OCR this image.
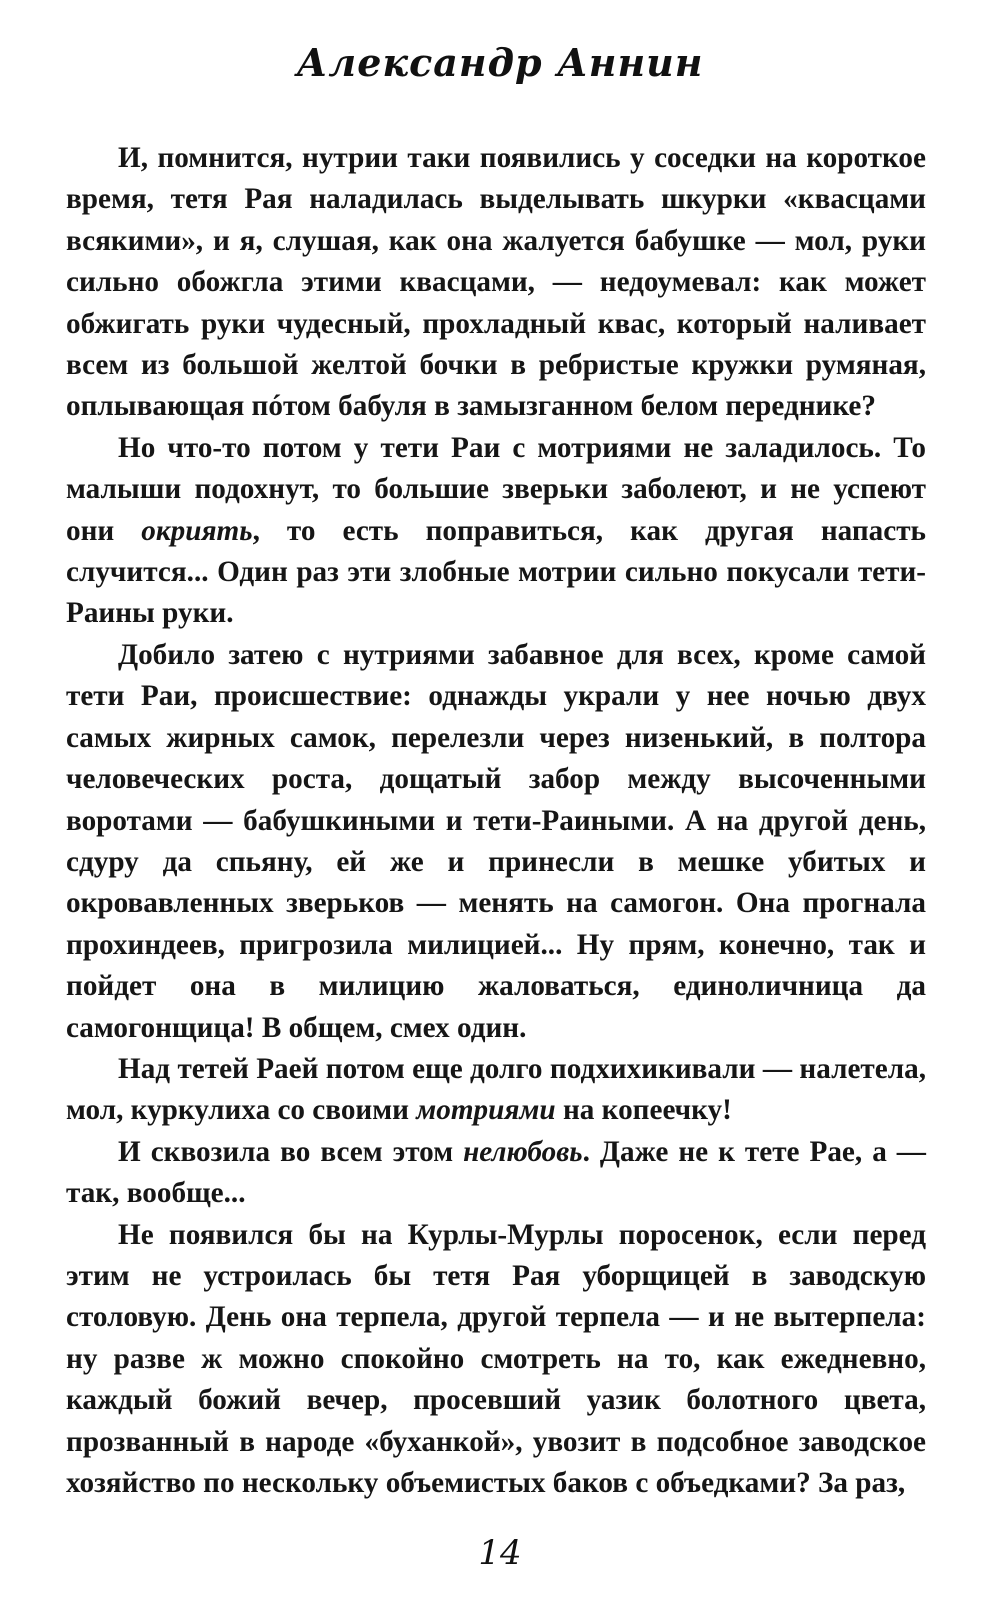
Александр Аннин

И, помнится, нутрии таки появились у соседки на короткое время, тетя Рая наладилась выделывать шкурки «квасцами всякими», и я, слушая, как она жалуется бабушке — мол, руки сильно обожгла этими квасцами, — недоумевал: как может обжигать руки чудесный, прохладный квас, который наливает всем из большой желтой бочки в ребристые кружки румяная, оплывающая пóтом бабуля в замызганном белом переднике?

Но что-то потом у тети Раи с мотриями не заладилось. То малыши подохнут, то большие зверьки заболеют, и не успеют они окриять, то есть поправиться, как другая напасть случится... Один раз эти злобные мотрии сильно покусали тети-Раины руки.

Добило затею с нутриями забавное для всех, кроме самой тети Раи, происшествие: однажды украли у нее ночью двух самых жирных самок, перелезли через низенький, в полтора человеческих роста, дощатый забор между высоченными воротами — бабушкиными и тети-Раиными. А на другой день, сдуру да спьяну, ей же и принесли в мешке убитых и окровавленных зверьков — менять на самогон. Она прогнала прохиндеев, пригрозила милицией... Ну прям, конечно, так и пойдет она в милицию жаловаться, единоличница да самогонщица! В общем, смех один.

Над тетей Раей потом еще долго подхихикивали — налетела, мол, куркулиха со своими мотриями на копеечку!

И сквозила во всем этом нелюбовь. Даже не к тете Рае, а — так, вообще...

Не появился бы на Курлы-Мурлы поросенок, если перед этим не устроилась бы тетя Рая уборщицей в заводскую столовую. День она терпела, другой терпела — и не вытерпела: ну разве ж можно спокойно смотреть на то, как ежедневно, каждый божий вечер, просевший уазик болотного цвета, прозванный в народе «буханкой», увозит в подсобное заводское хозяйство по нескольку объемистых баков с объедками? За раз,

14
